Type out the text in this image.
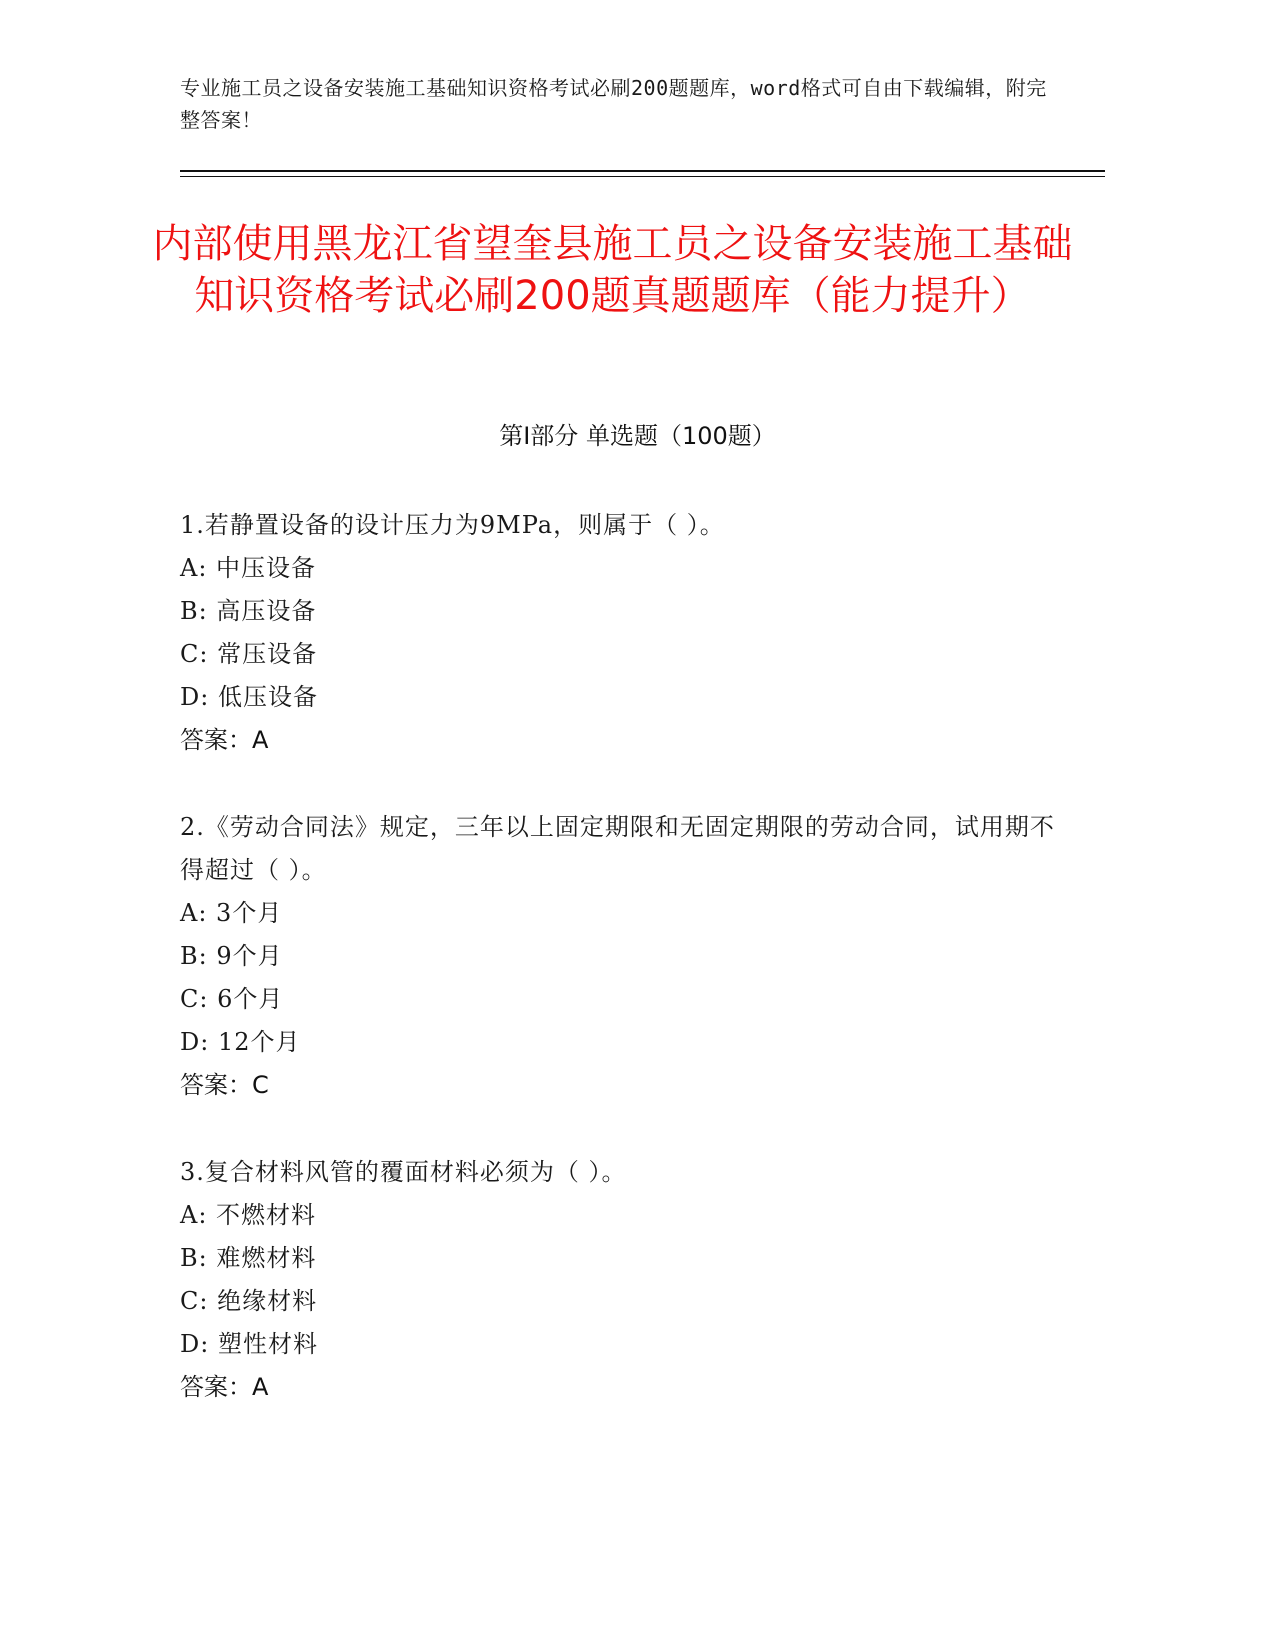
专业施工员之设备安装施工基础知识资格考试必刷200题题库，word格式可自由下载编辑，附完整答案！
内部使用黑龙江省望奎县施工员之设备安装施工基础知识资格考试必刷200题真题题库（能力提升）
第I部分 单选题（100题）
1.若静置设备的设计压力为9MPa，则属于（ ）。
A: 中压设备
B: 高压设备
C: 常压设备
D: 低压设备
答案：A
2.《劳动合同法》规定，三年以上固定期限和无固定期限的劳动合同，试用期不得超过（ ）。
A: 3个月
B: 9个月
C: 6个月
D: 12个月
答案：C
3.复合材料风管的覆面材料必须为（ ）。
A: 不燃材料
B: 难燃材料
C: 绝缘材料
D: 塑性材料
答案：A
